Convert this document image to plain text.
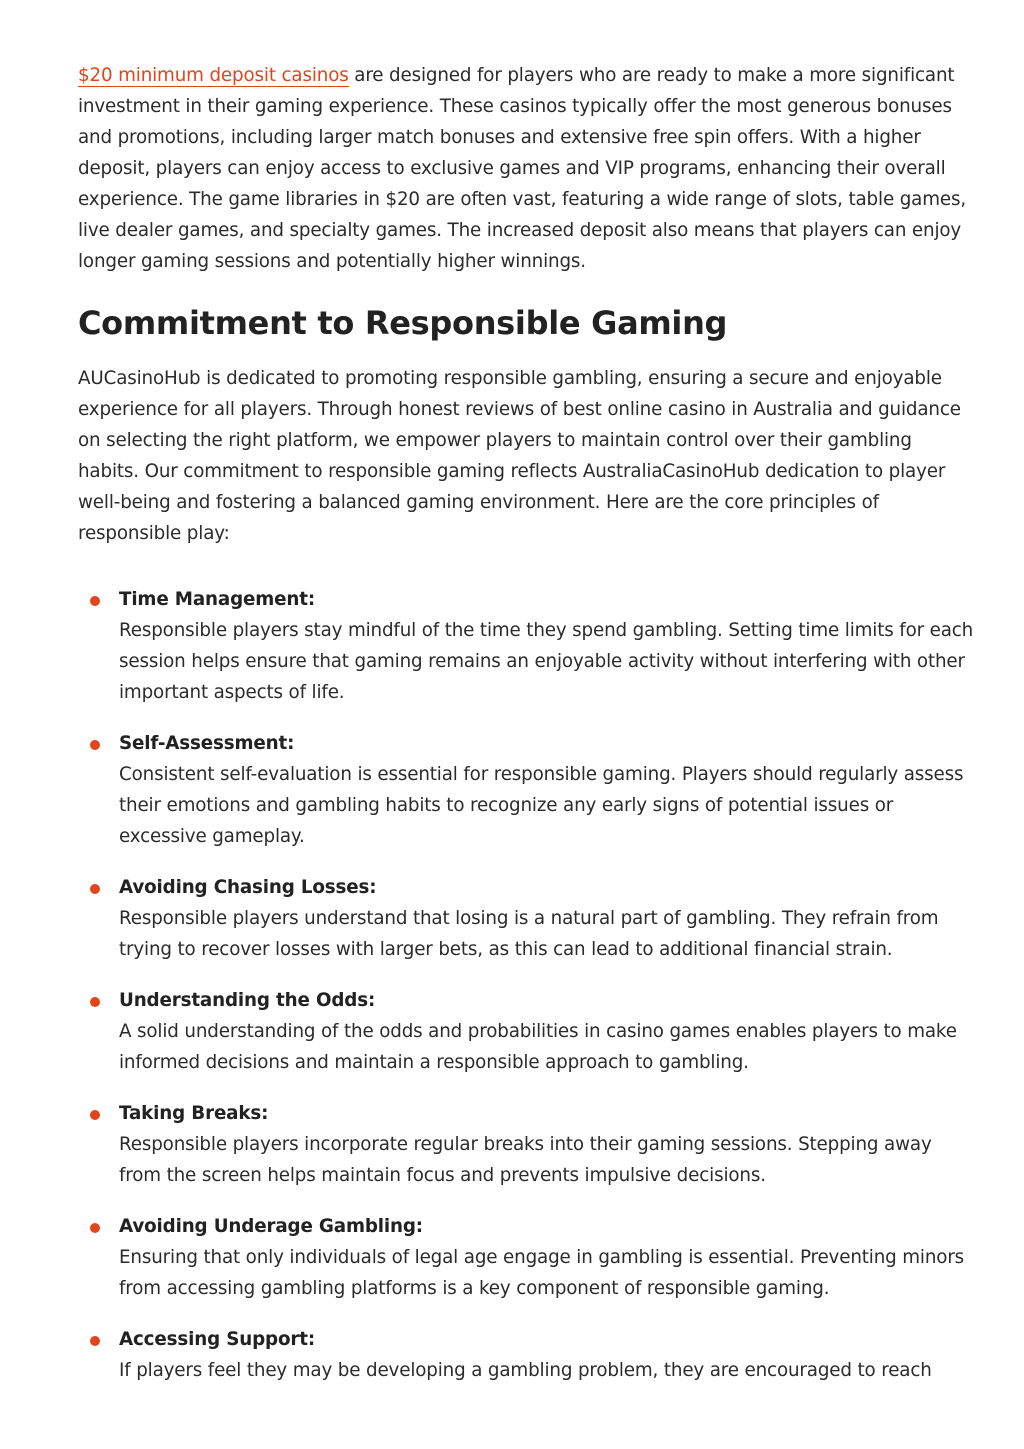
$20 minimum deposit casinos are designed for players who are ready to make a more significant investment in their gaming experience. These casinos typically offer the most generous bonuses and promotions, including larger match bonuses and extensive free spin offers. With a higher deposit, players can enjoy access to exclusive games and VIP programs, enhancing their overall experience. The game libraries in $20 are often vast, featuring a wide range of slots, table games, live dealer games, and specialty games. The increased deposit also means that players can enjoy longer gaming sessions and potentially higher winnings.

Commitment to Responsible Gaming

AUCasinoHub is dedicated to promoting responsible gambling, ensuring a secure and enjoyable experience for all players. Through honest reviews of best online casino in Australia and guidance on selecting the right platform, we empower players to maintain control over their gambling habits. Our commitment to responsible gaming reflects AustraliaCasinoHub dedication to player well-being and fostering a balanced gaming environment. Here are the core principles of responsible play:

Time Management:
Responsible players stay mindful of the time they spend gambling. Setting time limits for each session helps ensure that gaming remains an enjoyable activity without interfering with other important aspects of life.
Self-Assessment:
Consistent self-evaluation is essential for responsible gaming. Players should regularly assess their emotions and gambling habits to recognize any early signs of potential issues or excessive gameplay.
Avoiding Chasing Losses:
Responsible players understand that losing is a natural part of gambling. They refrain from trying to recover losses with larger bets, as this can lead to additional financial strain.
Understanding the Odds:
A solid understanding of the odds and probabilities in casino games enables players to make informed decisions and maintain a responsible approach to gambling.
Taking Breaks:
Responsible players incorporate regular breaks into their gaming sessions. Stepping away from the screen helps maintain focus and prevents impulsive decisions.
Avoiding Underage Gambling:
Ensuring that only individuals of legal age engage in gambling is essential. Preventing minors from accessing gambling platforms is a key component of responsible gaming.
Accessing Support:
If players feel they may be developing a gambling problem, they are encouraged to reach
